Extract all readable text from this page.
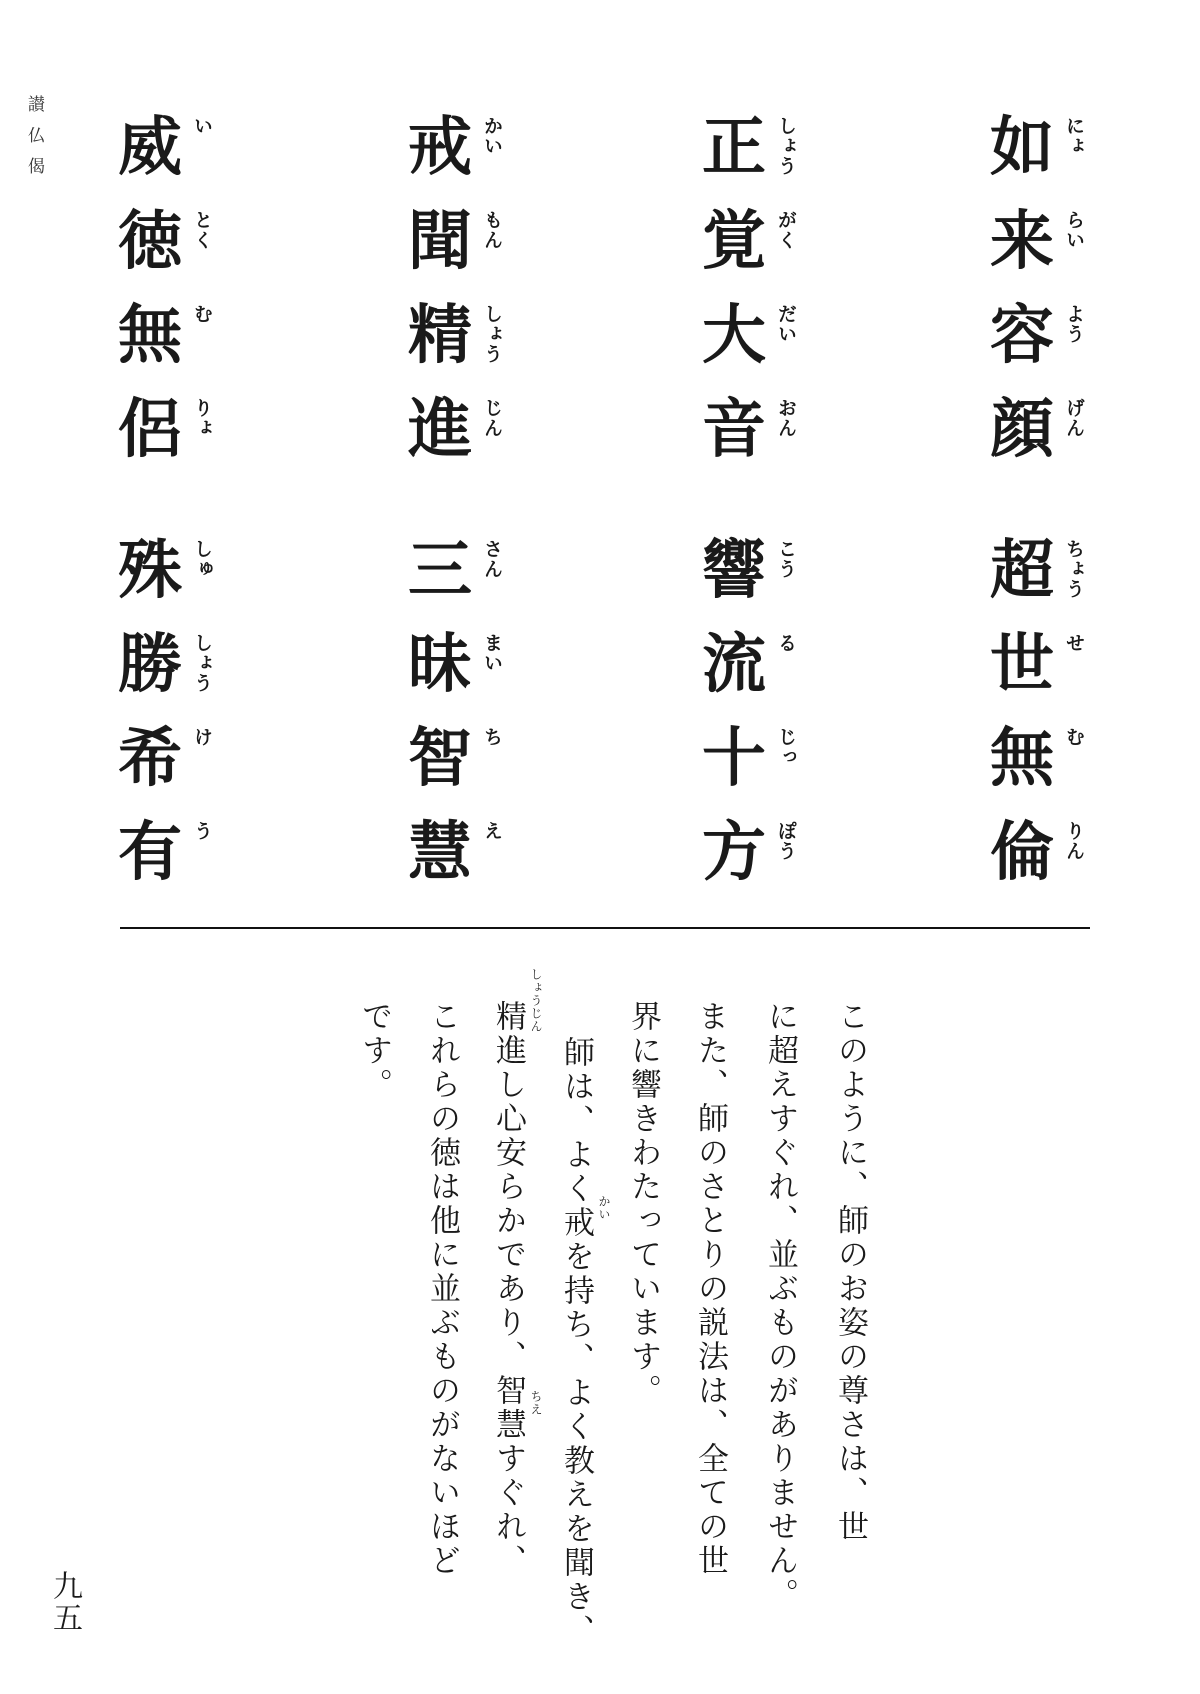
讃仏偈	如 にょ
来 らい
容 よう
顔 げん
正 しょう
覚 がく
大 だい
音 おん
戒 かい
聞 もん
精 しょう
進 じん
威 い
徳 とく
無 む
侶 りょ
超 ちょう
世 せ
無 む
倫 りん
響 こう
流 る
十 じっ
方 ぽう
三 さん
昧 まい
智 ち
慧 え
殊 しゅ
勝 しょう
希 け
有 う
このように、師のお姿の尊さは、世
に超えすぐれ、並ぶものがありません。
また、師のさとりの説法は、全ての世
界に響きわたっています。
師は、よく戒を持ち、よく教えを聞き、
精進し心安らかであり、智慧すぐれ、
これらの徳は他に並ぶものがないほど
です。
かい
しょうじん
ちえ
九五
